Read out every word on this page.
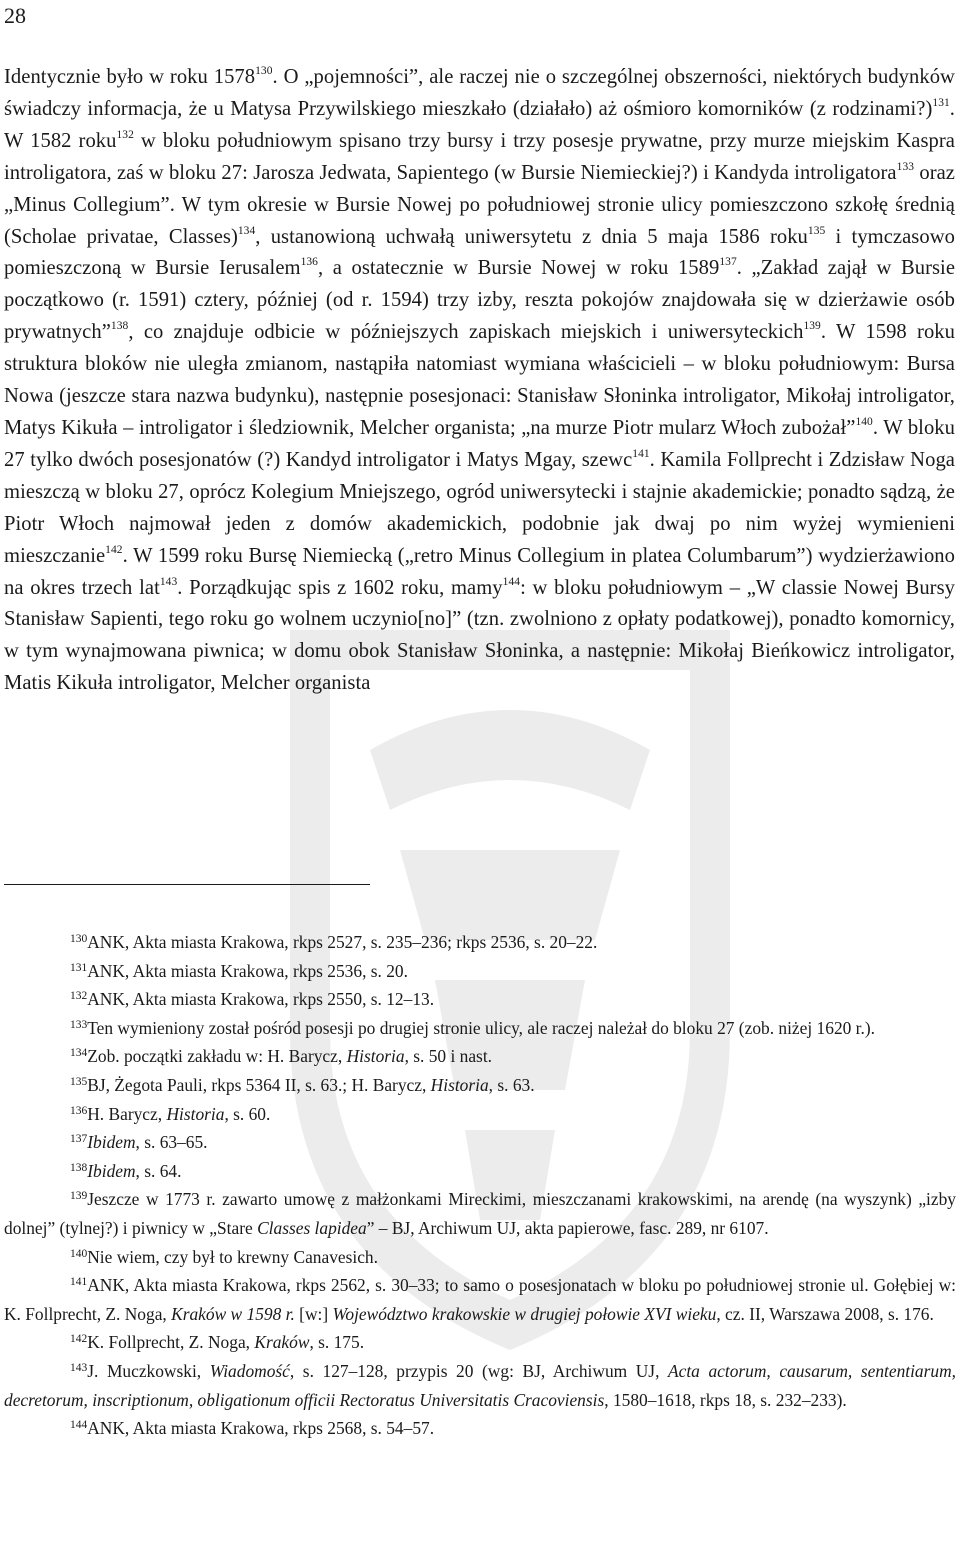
28

Identycznie było w roku 1578$^{130}$. O „pojemności”, ale raczej nie o szczególnej obszerności, niektórych budynków świadczy informacja, że u Matysa Przywilskiego mieszkało (działało) aż ośmioro komorników (z rodzinami?)$^{131}$. W 1582 roku$^{132}$ w bloku południowym spisano trzy bursy i trzy posesje prywatne, przy murze miejskim Kaspra introligatora, zaś w bloku 27: Jarosza Jedwata, Sapientego (w Bursie Niemieckiej?) i Kandyda introligatora$^{133}$ oraz „Minus Collegium”. W tym okresie w Bursie Nowej po południowej stronie ulicy pomieszczono szkołę średnią (Scholae privatae, Classes)$^{134}$, ustanowioną uchwałą uniwersytetu z dnia 5 maja 1586 roku$^{135}$ i tymczasowo pomieszczoną w Bursie Ierusalem$^{136}$, a ostatecznie w Bursie Nowej w roku 1589$^{137}$. „Zakład zajął w Bursie początkowo (r. 1591) cztery, później (od r. 1594) trzy izby, reszta pokojów znajdowała się w dzierżawie osób prywatnych”$^{138}$, co znajduje odbicie w późniejszych zapiskach miejskich i uniwersyteckich$^{139}$. W 1598 roku struktura bloków nie uległa zmianom, nastąpiła natomiast wymiana właścicieli – w bloku południowym: Bursa Nowa (jeszcze stara nazwa budynku), następnie posesjonaci: Stanisław Słoninka introligator, Mikołaj introligator, Matys Kikuła – introligator i śledziownik, Melcher organista; „na murze Piotr mularz Włoch zubożał”$^{140}$. W bloku 27 tylko dwóch posesjonatów (?) Kandyd introligator i Matys Mgay, szewc$^{141}$. Kamila Follprecht i Zdzisław Noga mieszczą w bloku 27, oprócz Kolegium Mniejszego, ogród uniwersytecki i stajnie akademickie; ponadto sądzą, że Piotr Włoch najmował jeden z domów akademickich, podobnie jak dwaj po nim wyżej wymienieni mieszczanie$^{142}$. W 1599 roku Bursę Niemiecką („retro Minus Collegium in platea Columbarum”) wydzierżawiono na okres trzech lat$^{143}$. Porządkując spis z 1602 roku, mamy$^{144}$: w bloku południowym – „W classie Nowej Bursy Stanisław Sapienti, tego roku go wolnem uczynio[no]” (tzn. zwolniono z opłaty podatkowej), ponadto komornicy, w tym wynajmowana piwnica; w domu obok Stanisław Słoninka, a następnie: Mikołaj Bieńkowicz introligator, Matis Kikuła introligator, Melcher organista

130ANK, Akta miasta Krakowa, rkps 2527, s. 235–236; rkps 2536, s. 20–22.

131ANK, Akta miasta Krakowa, rkps 2536, s. 20.

132ANK, Akta miasta Krakowa, rkps 2550, s. 12–13.

133Ten wymieniony został pośród posesji po drugiej stronie ulicy, ale raczej należał do bloku 27 (zob. niżej 1620 r.).

134Zob. początki zakładu w: H. Barycz, Historia, s. 50 i nast.

135BJ, Żegota Pauli, rkps 5364 II, s. 63.; H. Barycz, Historia, s. 63.

136H. Barycz, Historia, s. 60.

137Ibidem, s. 63–65.

138Ibidem, s. 64.

139Jeszcze w 1773 r. zawarto umowę z małżonkami Mireckimi, mieszczanami krakowskimi, na arendę (na wyszynk) „izby dolnej” (tylnej?) i piwnicy w „Stare Classes lapidea” – BJ, Archiwum UJ, akta papierowe, fasc. 289, nr 6107.

140Nie wiem, czy był to krewny Canavesich.

141ANK, Akta miasta Krakowa, rkps 2562, s. 30–33; to samo o posesjonatach w bloku po południowej stronie ul. Gołębiej w: K. Follprecht, Z. Noga, Kraków w 1598 r. [w:] Województwo krakowskie w drugiej połowie XVI wieku, cz. II, Warszawa 2008, s. 176.

142K. Follprecht, Z. Noga, Kraków, s. 175.

143J. Muczkowski, Wiadomość, s. 127–128, przypis 20 (wg: BJ, Archiwum UJ, Acta actorum, causarum, sententiarum, decretorum, inscriptionum, obligationum officii Rectoratus Universitatis Cracoviensis, 1580–1618, rkps 18, s. 232–233).

144ANK, Akta miasta Krakowa, rkps 2568, s. 54–57.
